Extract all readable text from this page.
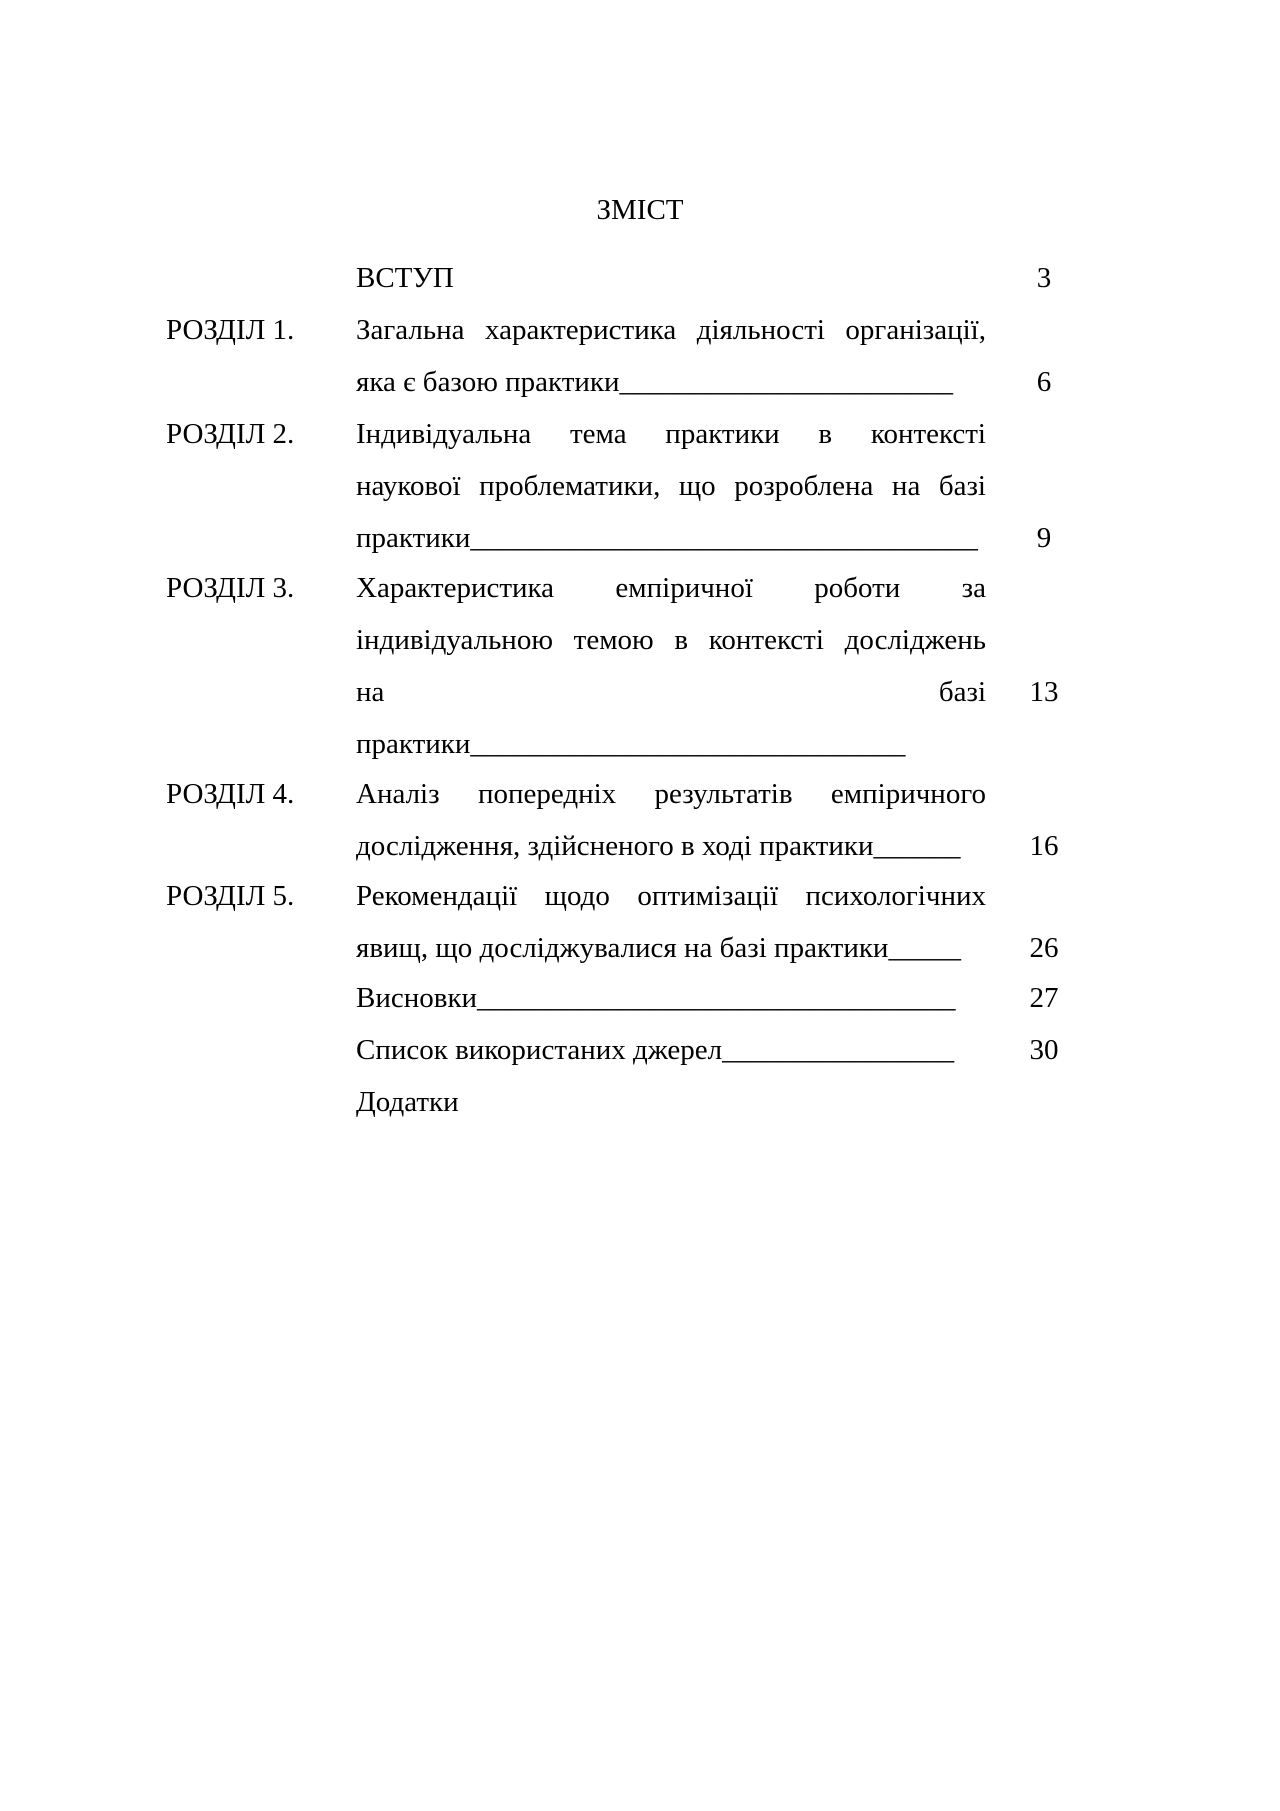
ЗМІСТ
ВСТУП	3
РОЗДІЛ 1. Загальна характеристика діяльності організації,
яка є базою практики_______________________	6
РОЗДІЛ 2. Індивідуальна тема практики в контексті
наукової проблематики, що розроблена на базі
практики___________________________________	9
РОЗДІЛ 3. Характеристика емпіричної роботи за
індивідуальною темою в контексті досліджень
на базі	13
практики______________________________
РОЗДІЛ 4. Аналіз попередніх результатів емпіричного
дослідження, здійсненого в ході практики______	16
РОЗДІЛ 5. Рекомендації щодо оптимізації психологічних
явищ, що досліджувалися на базі практики_____	26
Висновки_________________________________	27
Список використаних джерел________________	30
Додатки
